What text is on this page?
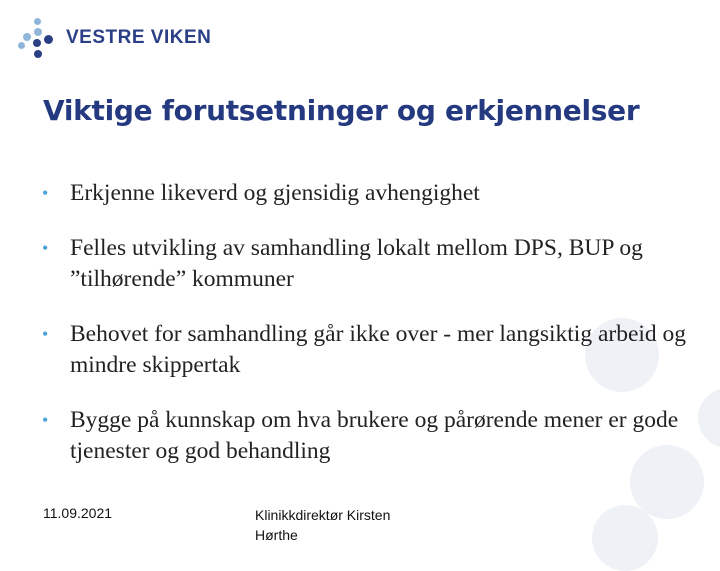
VESTRE VIKEN
Viktige forutsetninger og erkjennelser
• Erkjenne likeverd og gjensidig avhengighet
• Felles utvikling av samhandling lokalt mellom DPS, BUP og ”tilhørende” kommuner
• Behovet for samhandling går ikke over - mer langsiktig arbeid og mindre skippertak
• Bygge på kunnskap om hva brukere og pårørende mener er gode tjenester og god behandling
11.09.2021	Klinikkdirektør Kirsten Hørthe
